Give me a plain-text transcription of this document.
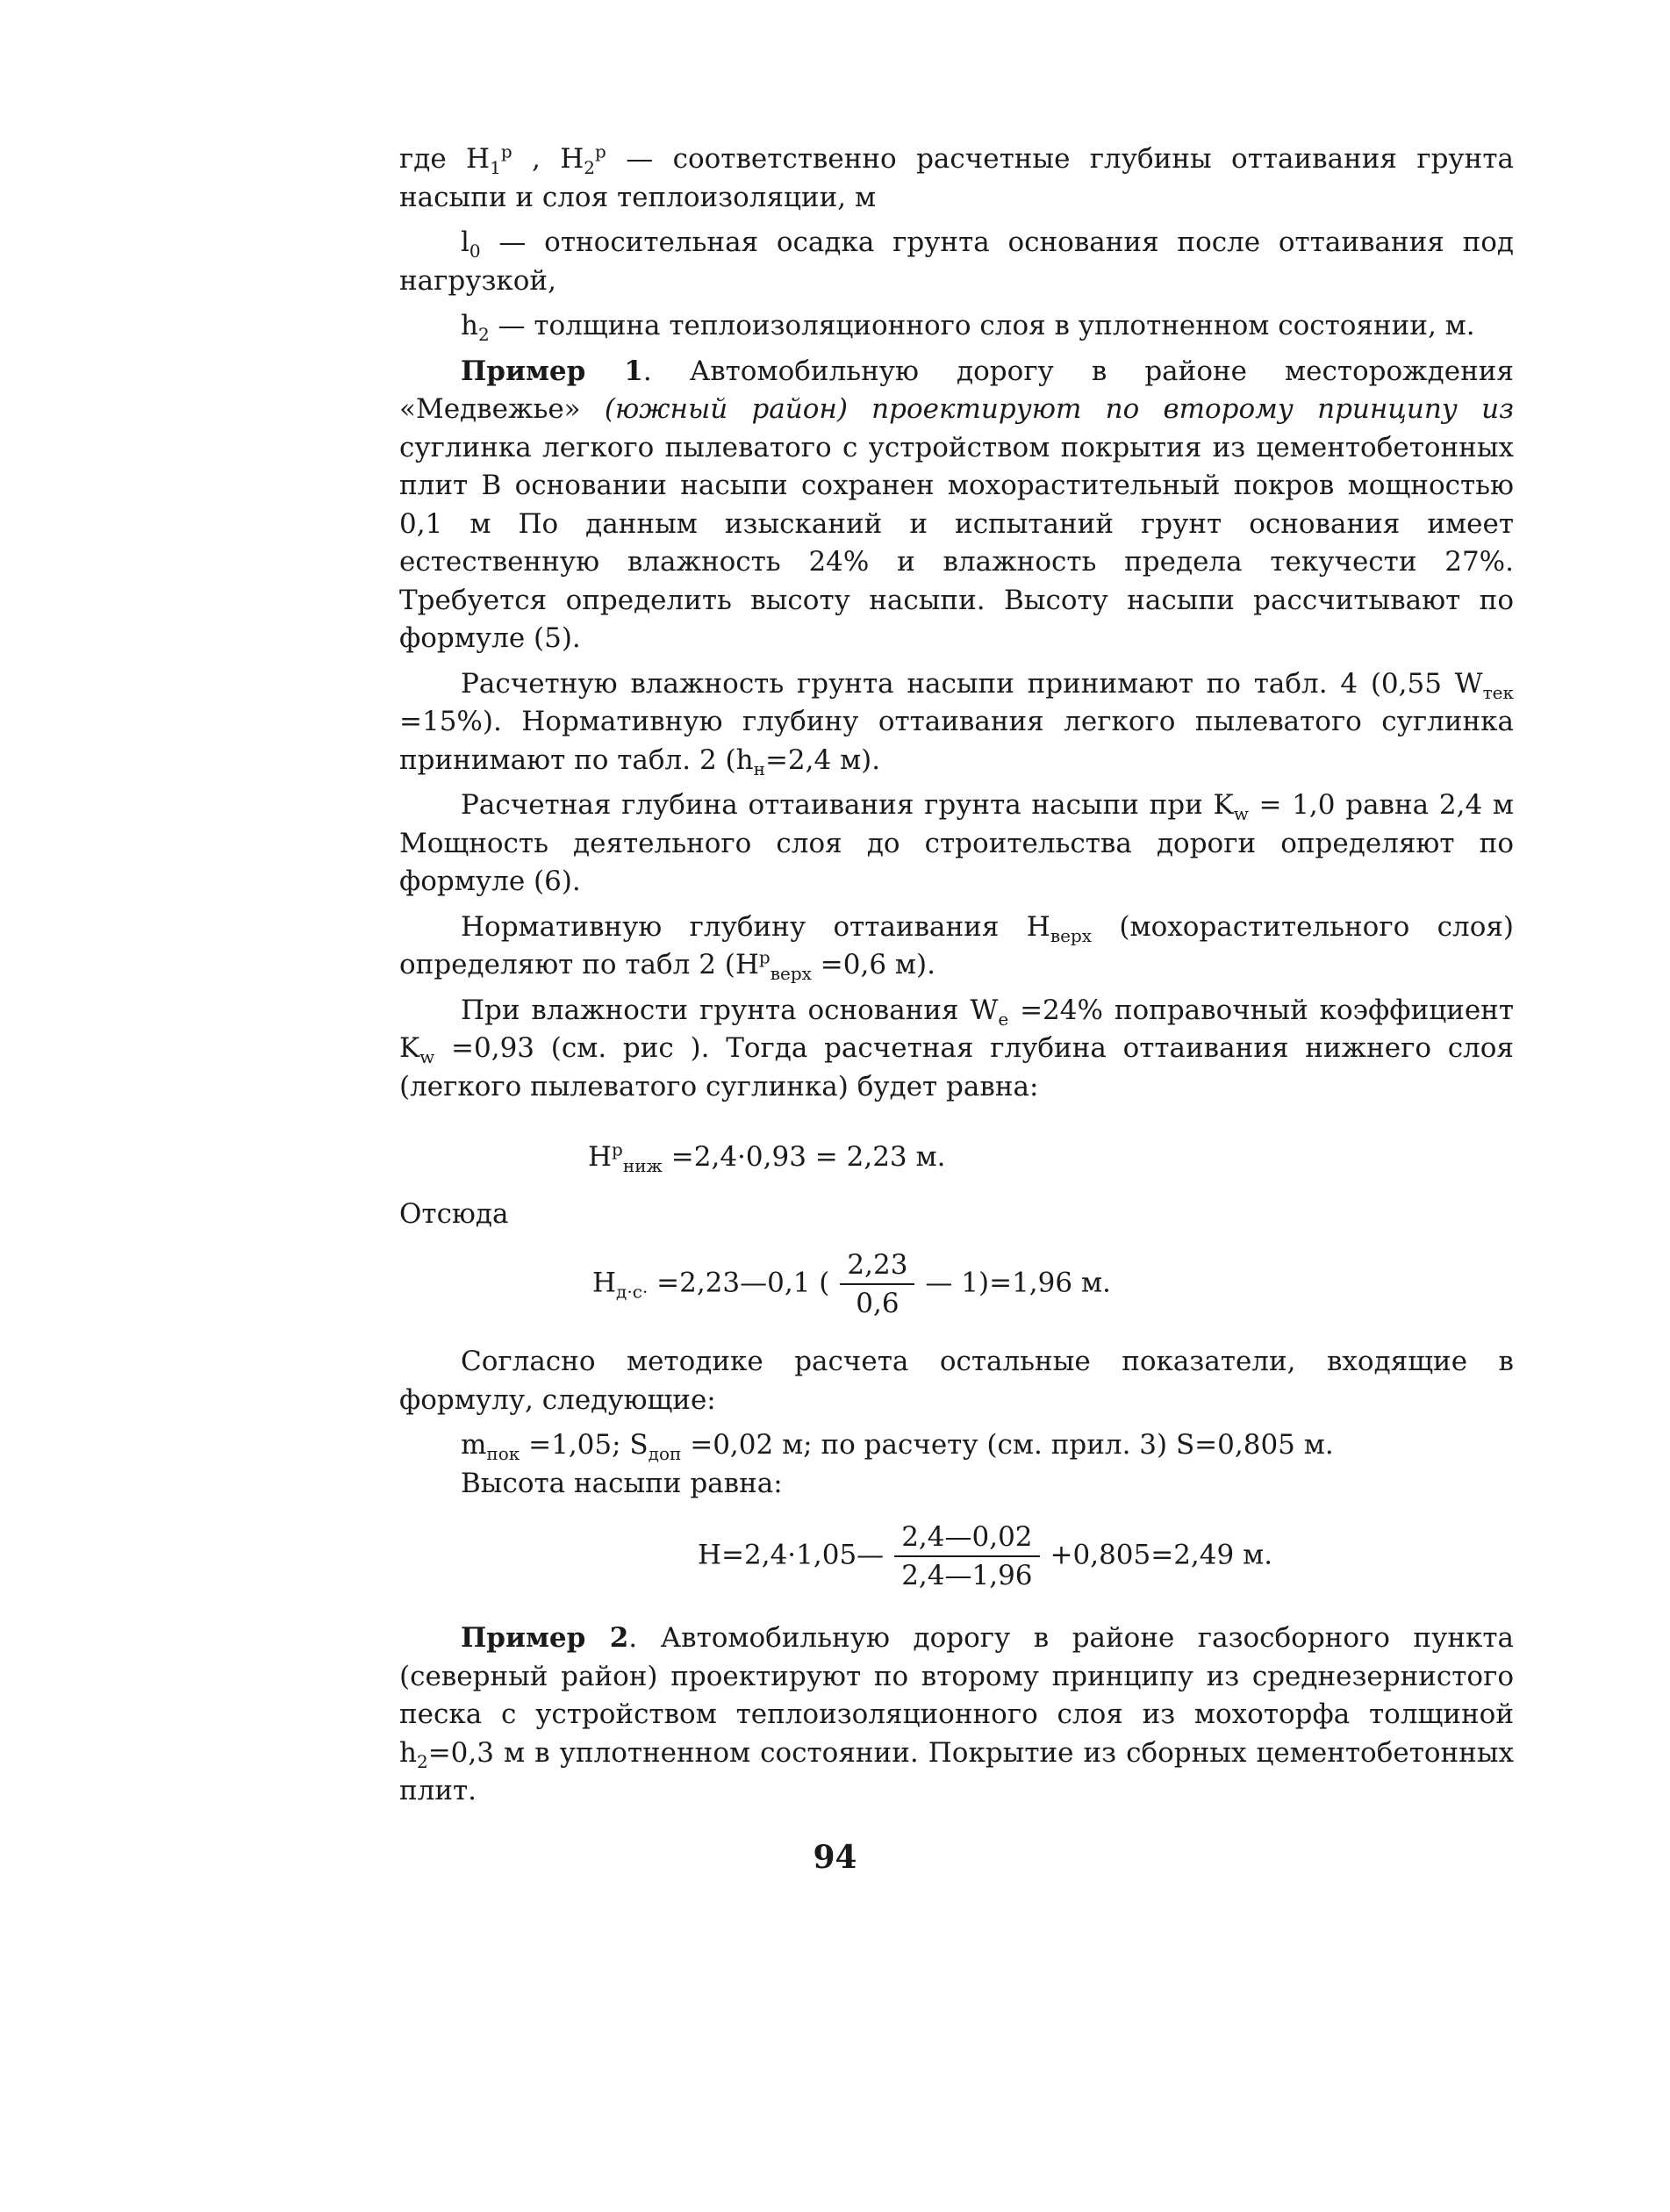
где $H_1^р$ , $H_2^р$ — соответственно расчетные глубины оттаивания грунта насыпи и слоя теплоизоляции, м

$l_0$ — относительная осадка грунта основания после оттаивания под нагрузкой,

$h_2$ — толщина теплоизоляционного слоя в уплотненном состоянии, м.

Пример 1. Автомобильную дорогу в районе месторождения «Медвежье» (южный район) проектируют по второму принципу из суглинка легкого пылеватого с устройством покрытия из цементобетонных плит В основании насыпи сохранен мохорастительный покров мощностью 0,1 м По данным изысканий и испытаний грунт основания имеет естественную влажность 24% и влажность предела текучести 27%. Требуется определить высоту насыпи. Высоту насыпи рассчитывают по формуле (5).

Расчетную влажность грунта насыпи принимают по табл. 4 (0,55 $W_{тек} =15\%$). Нормативную глубину оттаивания легкого пылеватого суглинка принимают по табл. 2 ($h_н=2,4$ м).

Расчетная глубина оттаивания грунта насыпи при $K_w = 1,0$ равна 2,4 м Мощность деятельного слоя до строительства дороги определяют по формуле (6).

Нормативную глубину оттаивания $H_{верх}$ (мохорастительного слоя) определяют по табл 2 ($H^р_{верх} =0,6$ м).

При влажности грунта основания $W_е =24\%$ поправочный коэффициент $K_w =0,93$ (см. рис ). Тогда расчетная глубина оттаивания нижнего слоя (легкого пылеватого суглинка) будет равна:

$H^р_{ниж} =2,4\cdot 0,93 = 2,23$ м.
Отсюда
$H_{д\cdot с\cdot}$ =2,23—0,1 ( $\frac{2,23}{0,6}$ — 1)=1,96 м.

Согласно методике расчета остальные показатели, входящие в формулу, следующие:

$m_{пок} =1,05$; $S_{доп} =0,02$ м; по расчету (см. прил. 3) S=0,805 м.

Высота насыпи равна:

H=2,4·1,05— $\frac{2,4—0,02}{2,4—1,96} +0,805=2,49$ м.

Пример 2. Автомобильную дорогу в районе газосборного пункта (северный район) проектируют по второму принципу из среднезернистого песка с устройством теплоизоляционного слоя из мохоторфа толщиной $h_2=0,3$ м в уплотненном состоянии. Покрытие из сборных цементобетонных плит.

94
